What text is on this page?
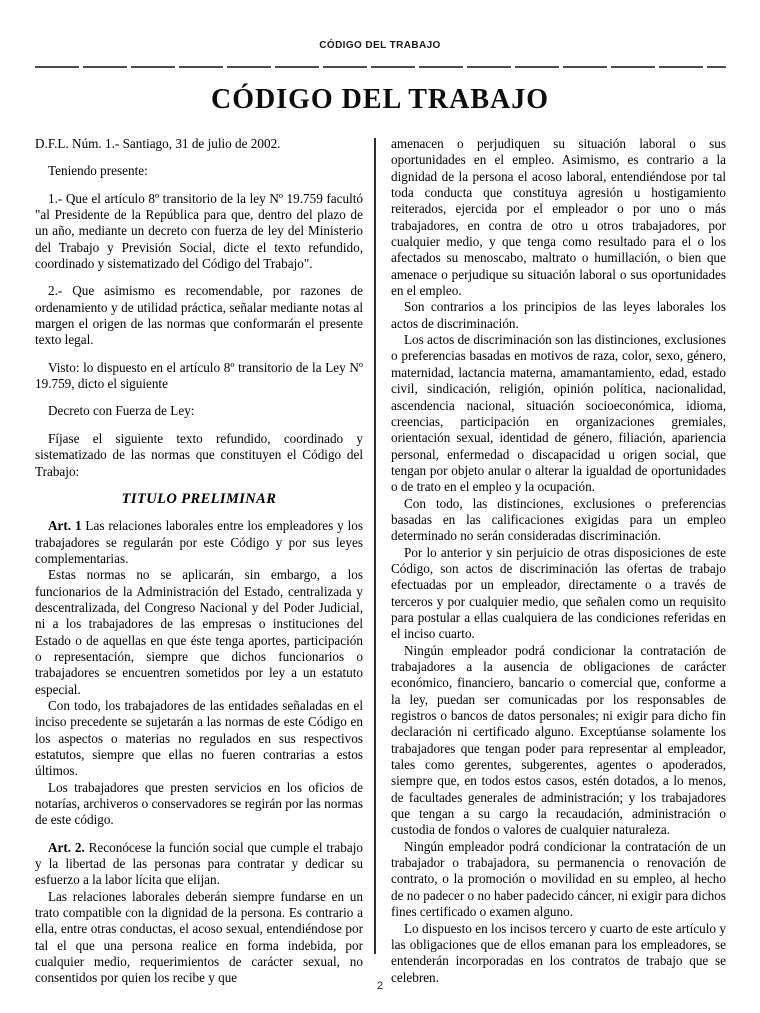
CÓDIGO DEL TRABAJO
CÓDIGO DEL TRABAJO

D.F.L. Núm. 1.- Santiago, 31 de julio de 2002.

Teniendo presente:

1.- Que el artículo 8º transitorio de la ley Nº 19.759 facultó "al Presidente de la República para que, dentro del plazo de un año, mediante un decreto con fuerza de ley del Ministerio del Trabajo y Previsión Social, dicte el texto refundido, coordinado y sistematizado del Código del Trabajo".

2.- Que asimismo es recomendable, por razones de ordenamiento y de utilidad práctica, señalar mediante notas al margen el origen de las normas que conformarán el presente texto legal.

Visto: lo dispuesto en el artículo 8º transitorio de la Ley Nº 19.759, dicto el siguiente

Decreto con Fuerza de Ley:

Fíjase el siguiente texto refundido, coordinado y sistematizado de las normas que constituyen el Código del Trabajo:

TITULO PRELIMINAR

Art. 1 Las relaciones laborales entre los empleadores y los trabajadores se regularán por este Código y por sus leyes complementarias.

Estas normas no se aplicarán, sin embargo, a los funcionarios de la Administración del Estado, centralizada y descentralizada, del Congreso Nacional y del Poder Judicial, ni a los trabajadores de las empresas o instituciones del Estado o de aquellas en que éste tenga aportes, participación o representación, siempre que dichos funcionarios o trabajadores se encuentren sometidos por ley a un estatuto especial.

Con todo, los trabajadores de las entidades señaladas en el inciso precedente se sujetarán a las normas de este Código en los aspectos o materias no regulados en sus respectivos estatutos, siempre que ellas no fueren contrarias a estos últimos.

Los trabajadores que presten servicios en los oficios de notarías, archiveros o conservadores se regirán por las normas de este código.

Art. 2. Reconócese la función social que cumple el trabajo y la libertad de las personas para contratar y dedicar su esfuerzo a la labor lícita que elijan.

Las relaciones laborales deberán siempre fundarse en un trato compatible con la dignidad de la persona. Es contrario a ella, entre otras conductas, el acoso sexual, entendiéndose por tal el que una persona realice en forma indebida, por cualquier medio, requerimientos de carácter sexual, no consentidos por quien los recibe y que

amenacen o perjudiquen su situación laboral o sus oportunidades en el empleo. Asimismo, es contrario a la dignidad de la persona el acoso laboral, entendiéndose por tal toda conducta que constituya agresión u hostigamiento reiterados, ejercida por el empleador o por uno o más trabajadores, en contra de otro u otros trabajadores, por cualquier medio, y que tenga como resultado para el o los afectados su menoscabo, maltrato o humillación, o bien que amenace o perjudique su situación laboral o sus oportunidades en el empleo.

Son contrarios a los principios de las leyes laborales los actos de discriminación.

Los actos de discriminación son las distinciones, exclusiones o preferencias basadas en motivos de raza, color, sexo, género, maternidad, lactancia materna, amamantamiento, edad, estado civil, sindicación, religión, opinión política, nacionalidad, ascendencia nacional, situación socioeconómica, idioma, creencias, participación en organizaciones gremiales, orientación sexual, identidad de género, filiación, apariencia personal, enfermedad o discapacidad u origen social, que tengan por objeto anular o alterar la igualdad de oportunidades o de trato en el empleo y la ocupación.

Con todo, las distinciones, exclusiones o preferencias basadas en las calificaciones exigidas para un empleo determinado no serán consideradas discriminación.

Por lo anterior y sin perjuicio de otras disposiciones de este Código, son actos de discriminación las ofertas de trabajo efectuadas por un empleador, directamente o a través de terceros y por cualquier medio, que señalen como un requisito para postular a ellas cualquiera de las condiciones referidas en el inciso cuarto.

Ningún empleador podrá condicionar la contratación de trabajadores a la ausencia de obligaciones de carácter económico, financiero, bancario o comercial que, conforme a la ley, puedan ser comunicadas por los responsables de registros o bancos de datos personales; ni exigir para dicho fin declaración ni certificado alguno. Exceptúanse solamente los trabajadores que tengan poder para representar al empleador, tales como gerentes, subgerentes, agentes o apoderados, siempre que, en todos estos casos, estén dotados, a lo menos, de facultades generales de administración; y los trabajadores que tengan a su cargo la recaudación, administración o custodia de fondos o valores de cualquier naturaleza.

Ningún empleador podrá condicionar la contratación de un trabajador o trabajadora, su permanencia o renovación de contrato, o la promoción o movilidad en su empleo, al hecho de no padecer o no haber padecido cáncer, ni exigir para dichos fines certificado o examen alguno.

Lo dispuesto en los incisos tercero y cuarto de este artículo y las obligaciones que de ellos emanan para los empleadores, se entenderán incorporadas en los contratos de trabajo que se celebren.

2
